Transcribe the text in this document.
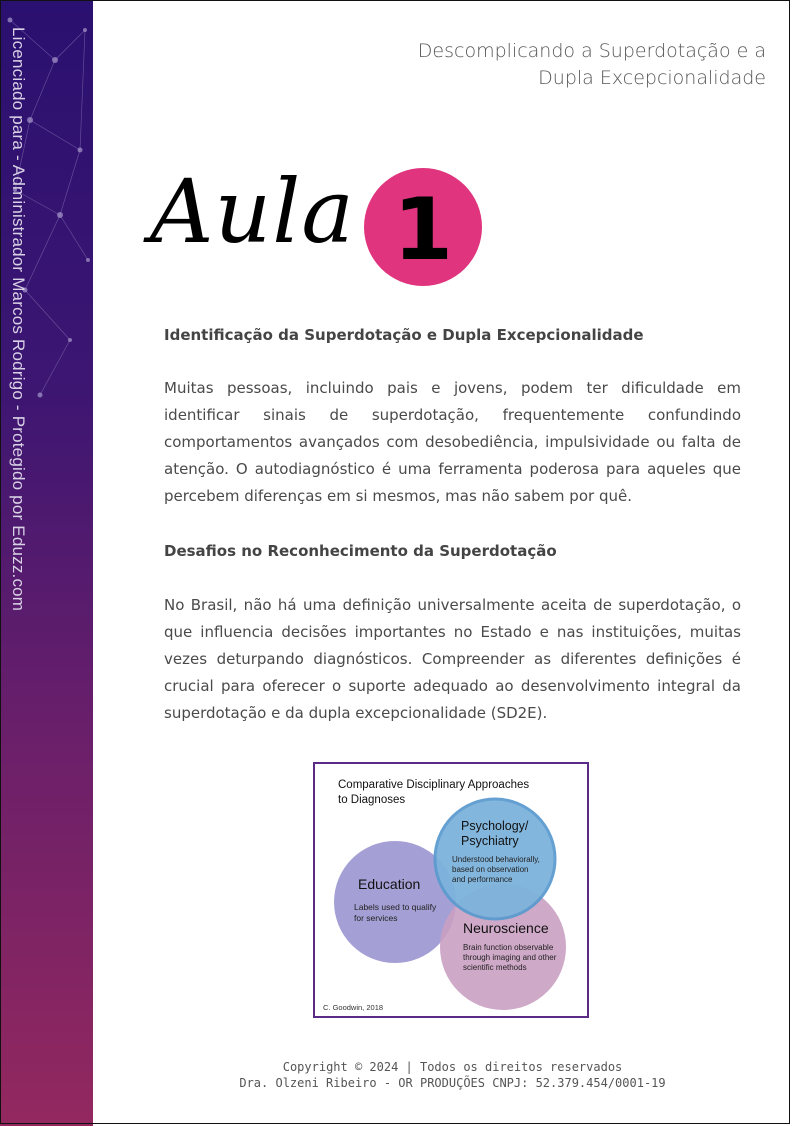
Licenciado para - Administrador Marcos Rodrigo - Protegido por Eduzz.com	Descomplicando a Superdotação e a
Dupla Excepcionalidade
Aula 1
Identificação da Superdotação e Dupla Excepcionalidade
Muitas pessoas, incluindo pais e jovens, podem ter dificuldade em identificar sinais de superdotação, frequentemente confundindo comportamentos avançados com desobediência, impulsividade ou falta de atenção. O autodiagnóstico é uma ferramenta poderosa para aqueles que percebem diferenças em si mesmos, mas não sabem por quê.
Desafios no Reconhecimento da Superdotação
No Brasil, não há uma definição universalmente aceita de superdotação, o que influencia decisões importantes no Estado e nas instituições, muitas vezes deturpando diagnósticos. Compreender as diferentes definições é crucial para oferecer o suporte adequado ao desenvolvimento integral da superdotação e da dupla excepcionalidade (SD2E).
Comparative Disciplinary Approaches
to Diagnoses
Education
Labels used to qualify
for services
Psychology/
Psychiatry
Understood behaviorally,
based on observation
and performance
Neuroscience
Brain function observable
through imaging and other
scientific methods
C. Goodwin, 2018
Copyright © 2024 | Todos os direitos reservados
Dra. Olzeni Ribeiro - OR PRODUÇÕES CNPJ: 52.379.454/0001-19
